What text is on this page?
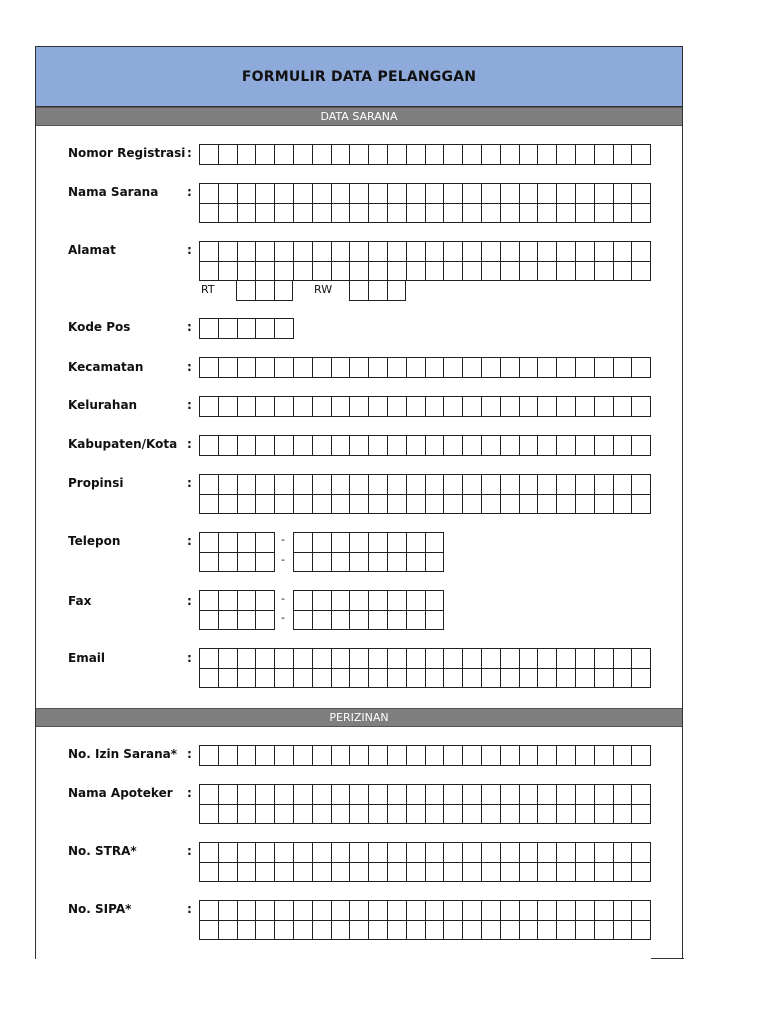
FORMULIR DATA PELANGGAN
DATA SARANA
PERIZINAN
Nomor Registrasi :
Nama Sarana :
Alamat	:
RT	RW
Kode Pos	:
Kecamatan	:
Kelurahan	:
Kabupaten/Kota :
Propinsi	:
Telepon	:	-
-
Fax	:	-
-
Email	:
No. Izin Sarana* :
Nama Apoteker :
No. STRA*	:
No. SIPA*	:
